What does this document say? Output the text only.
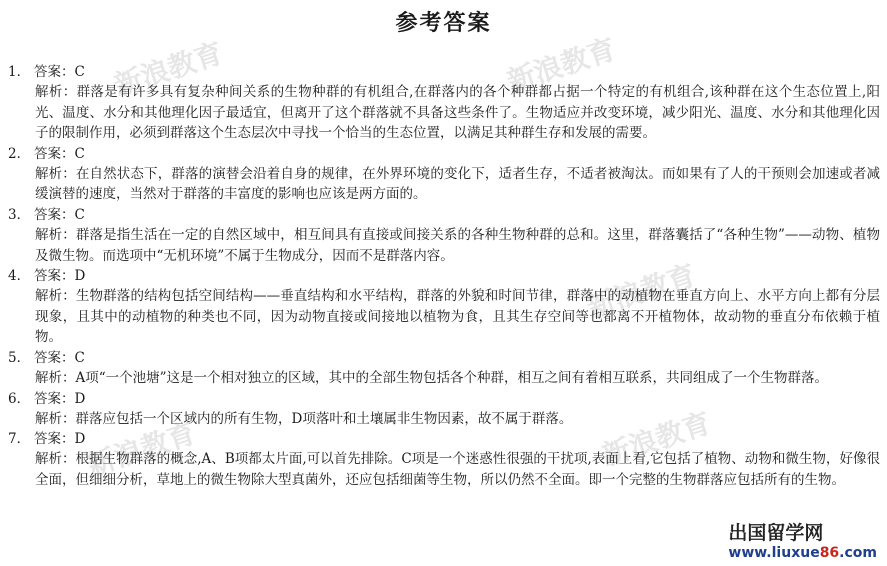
新浪教育	新浪教育
新浪教育
新浪教育	新浪教育
参考答案
1． 答案：C
解析：群落是有许多具有复杂种间关系的生物种群的有机组合,在群落内的各个种群都占据一个特定的有机组合,该种群在这个生态位置上,阳光、温度、水分和其他理化因子最适宜，但离开了这个群落就不具备这些条件了。生物适应并改变环境，减少阳光、温度、水分和其他理化因子的限制作用，必须到群落这个生态层次中寻找一个恰当的生态位置，以满足其种群生存和发展的需要。
2． 答案：C
解析：在自然状态下，群落的演替会沿着自身的规律，在外界环境的变化下，适者生存，不适者被淘汰。而如果有了人的干预则会加速或者减缓演替的速度，当然对于群落的丰富度的影响也应该是两方面的。
3． 答案：C
解析：群落是指生活在一定的自然区域中，相互间具有直接或间接关系的各种生物种群的总和。这里，群落囊括了“各种生物”——动物、植物及微生物。而选项中“无机环境”不属于生物成分，因而不是群落内容。
4． 答案：D
解析：生物群落的结构包括空间结构——垂直结构和水平结构，群落的外貌和时间节律，群落中的动植物在垂直方向上、水平方向上都有分层现象，且其中的动植物的种类也不同，因为动物直接或间接地以植物为食，且其生存空间等也都离不开植物体，故动物的垂直分布依赖于植物。
5． 答案：C
解析：A项“一个池塘”这是一个相对独立的区域，其中的全部生物包括各个种群，相互之间有着相互联系，共同组成了一个生物群落。
6． 答案：D
解析：群落应包括一个区域内的所有生物，D项落叶和土壤属非生物因素，故不属于群落。
7． 答案：D
解析：根据生物群落的概念,A、B项都太片面,可以首先排除。C项是一个迷惑性很强的干扰项,表面上看,它包括了植物、动物和微生物，好像很全面，但细细分析，草地上的微生物除大型真菌外，还应包括细菌等生物，所以仍然不全面。即一个完整的生物群落应包括所有的生物。
出国留学网
www.liuxue86.com
